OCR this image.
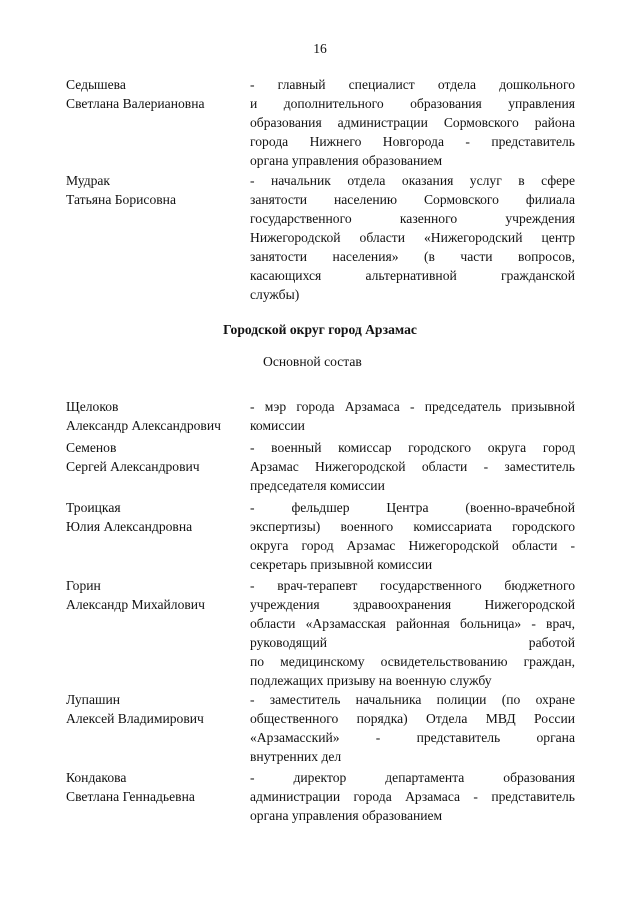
16
Седышева
Светлана Валериановна
- главный специалист отдела дошкольного
и дополнительного образования управления
образования администрации Сормовского района
города Нижнего Новгорода - представитель
органа управления образованием
Мудрак
Татьяна Борисовна
- начальник отдела оказания услуг в сфере
занятости населению Сормовского филиала
государственного казенного учреждения
Нижегородской области «Нижегородский центр
занятости населения» (в части вопросов,
касающихся альтернативной гражданской
службы)
Городской округ город Арзамас
Основной состав
Щелоков
Александр Александрович
- мэр города Арзамаса - председатель призывной
комиссии
Семенов
Сергей Александрович
- военный комиссар городского округа город
Арзамас Нижегородской области - заместитель
председателя комиссии
Троицкая
Юлия Александровна
- фельдшер Центра (военно-врачебной
экспертизы) военного комиссариата городского
округа город Арзамас Нижегородской области -
секретарь призывной комиссии
Горин
Александр Михайлович
- врач-терапевт государственного бюджетного
учреждения здравоохранения Нижегородской
области «Арзамасская районная больница» - врач,
руководящий работой
по медицинскому освидетельствованию граждан,
подлежащих призыву на военную службу
Лупашин
Алексей Владимирович
- заместитель начальника полиции (по охране
общественного порядка) Отдела МВД России
«Арзамасский» - представитель органа
внутренних дел
Кондакова
Светлана Геннадьевна
- директор департамента образования
администрации города Арзамаса - представитель
органа управления образованием
